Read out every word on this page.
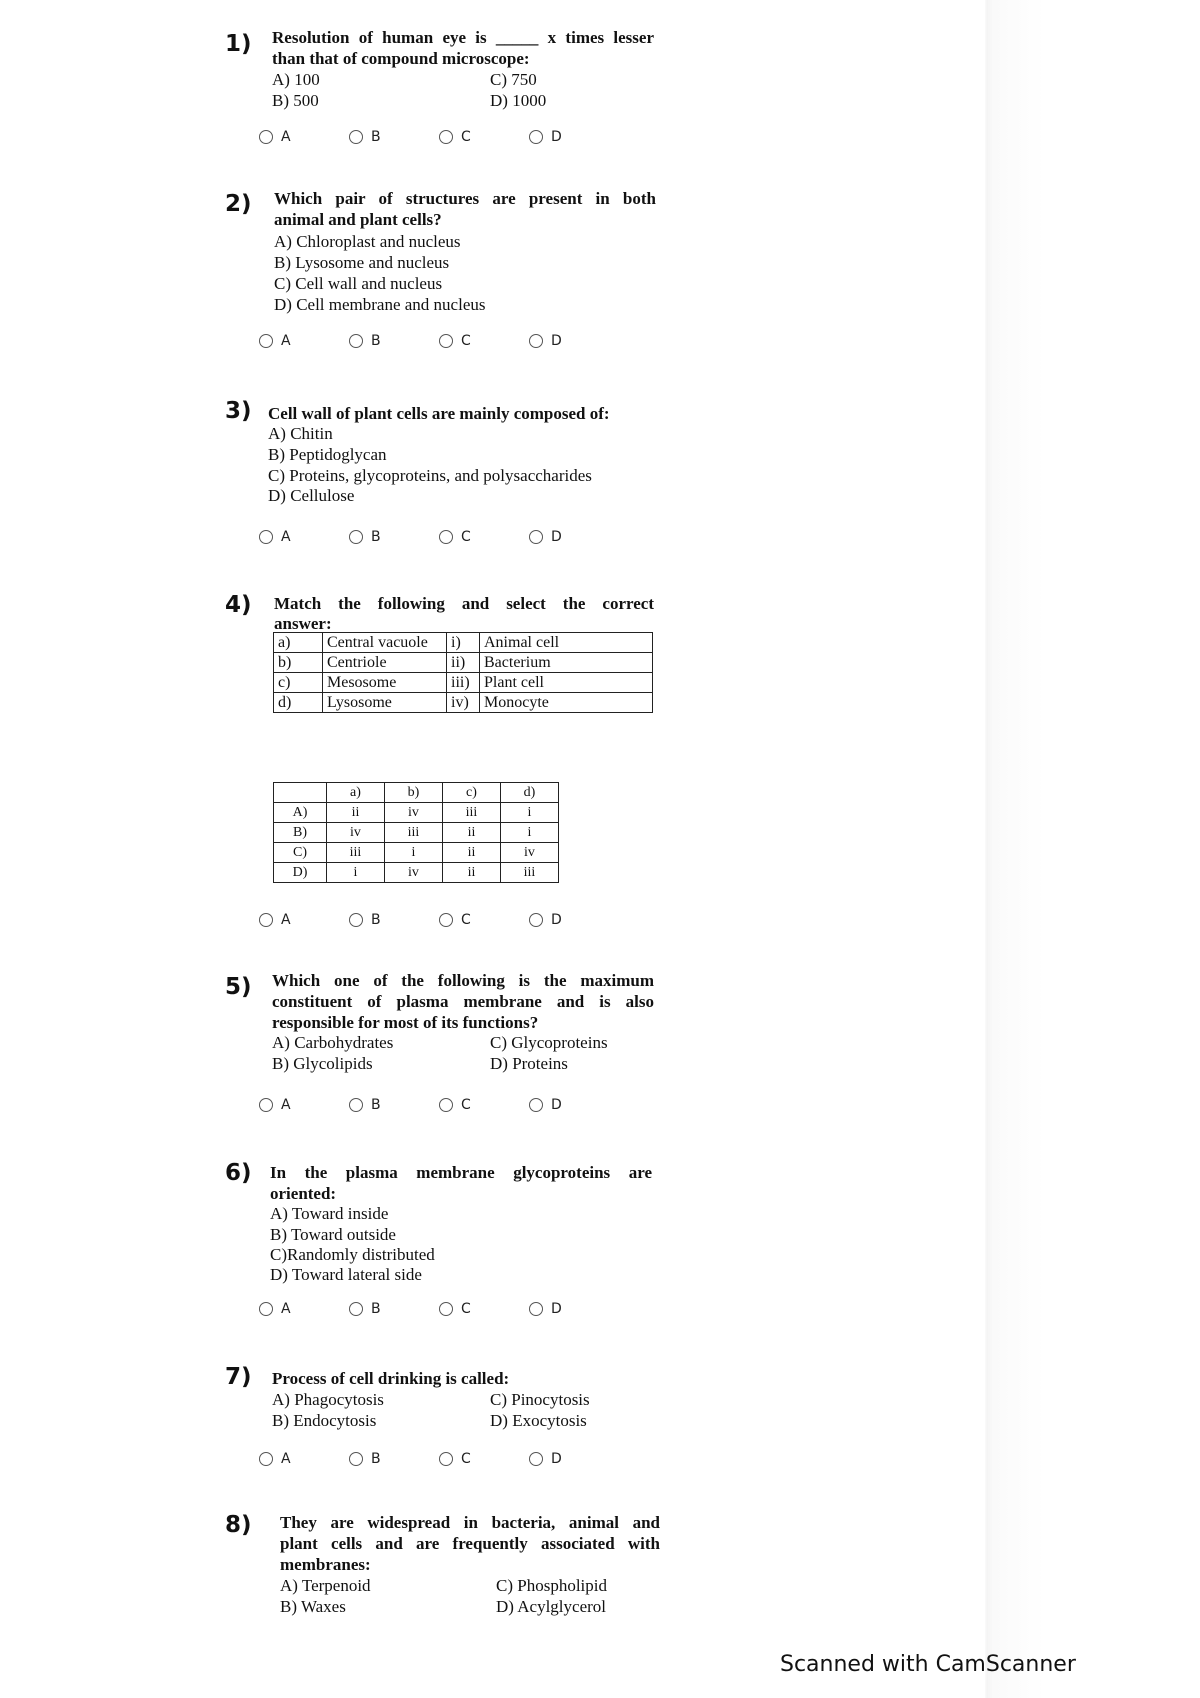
1) Resolution of human eye is _____ x times lesser
than that of compound microscope:
A) 100
B) 500
C) 750
D) 1000
A	B	C	D
2) Which pair of structures are present in both
animal and plant cells?
A) Chloroplast and nucleus
B) Lysosome and nucleus
C) Cell wall and nucleus
D) Cell membrane and nucleus
A	B	C	D
3) Cell wall of plant cells are mainly composed of:
A) Chitin
B) Peptidoglycan
C) Proteins, glycoproteins, and polysaccharides
D) Cellulose
A	B	C	D
4) Match the following and select the correct
answer:
a)	Central vacuole	i)	Animal cell
b)	Centriole	ii)	Bacterium
c)	Mesosome	iii)	Plant cell
d)	Lysosome	iv)	Monocyte
	a)	b)	c)	d)
A)	ii	iv	iii	i
B)	iv	iii	ii	i
C)	iii	i	ii	iv
D)	i	iv	ii	iii
A	B	C	D
5) Which one of the following is the maximum
constituent of plasma membrane and is also
responsible for most of its functions?
A) Carbohydrates
B) Glycolipids
C) Glycoproteins
D) Proteins
A	B	C	D
6) In the plasma membrane glycoproteins are
oriented:
A) Toward inside
B) Toward outside
C)Randomly distributed
D) Toward lateral side
A	B	C	D
7) Process of cell drinking is called:
A) Phagocytosis
B) Endocytosis
C) Pinocytosis
D) Exocytosis
A	B	C	D
8) They are widespread in bacteria, animal and
plant cells and are frequently associated with
membranes:
A) Terpenoid
B) Waxes
C) Phospholipid
D) Acylglycerol
Scanned with CamScanner
